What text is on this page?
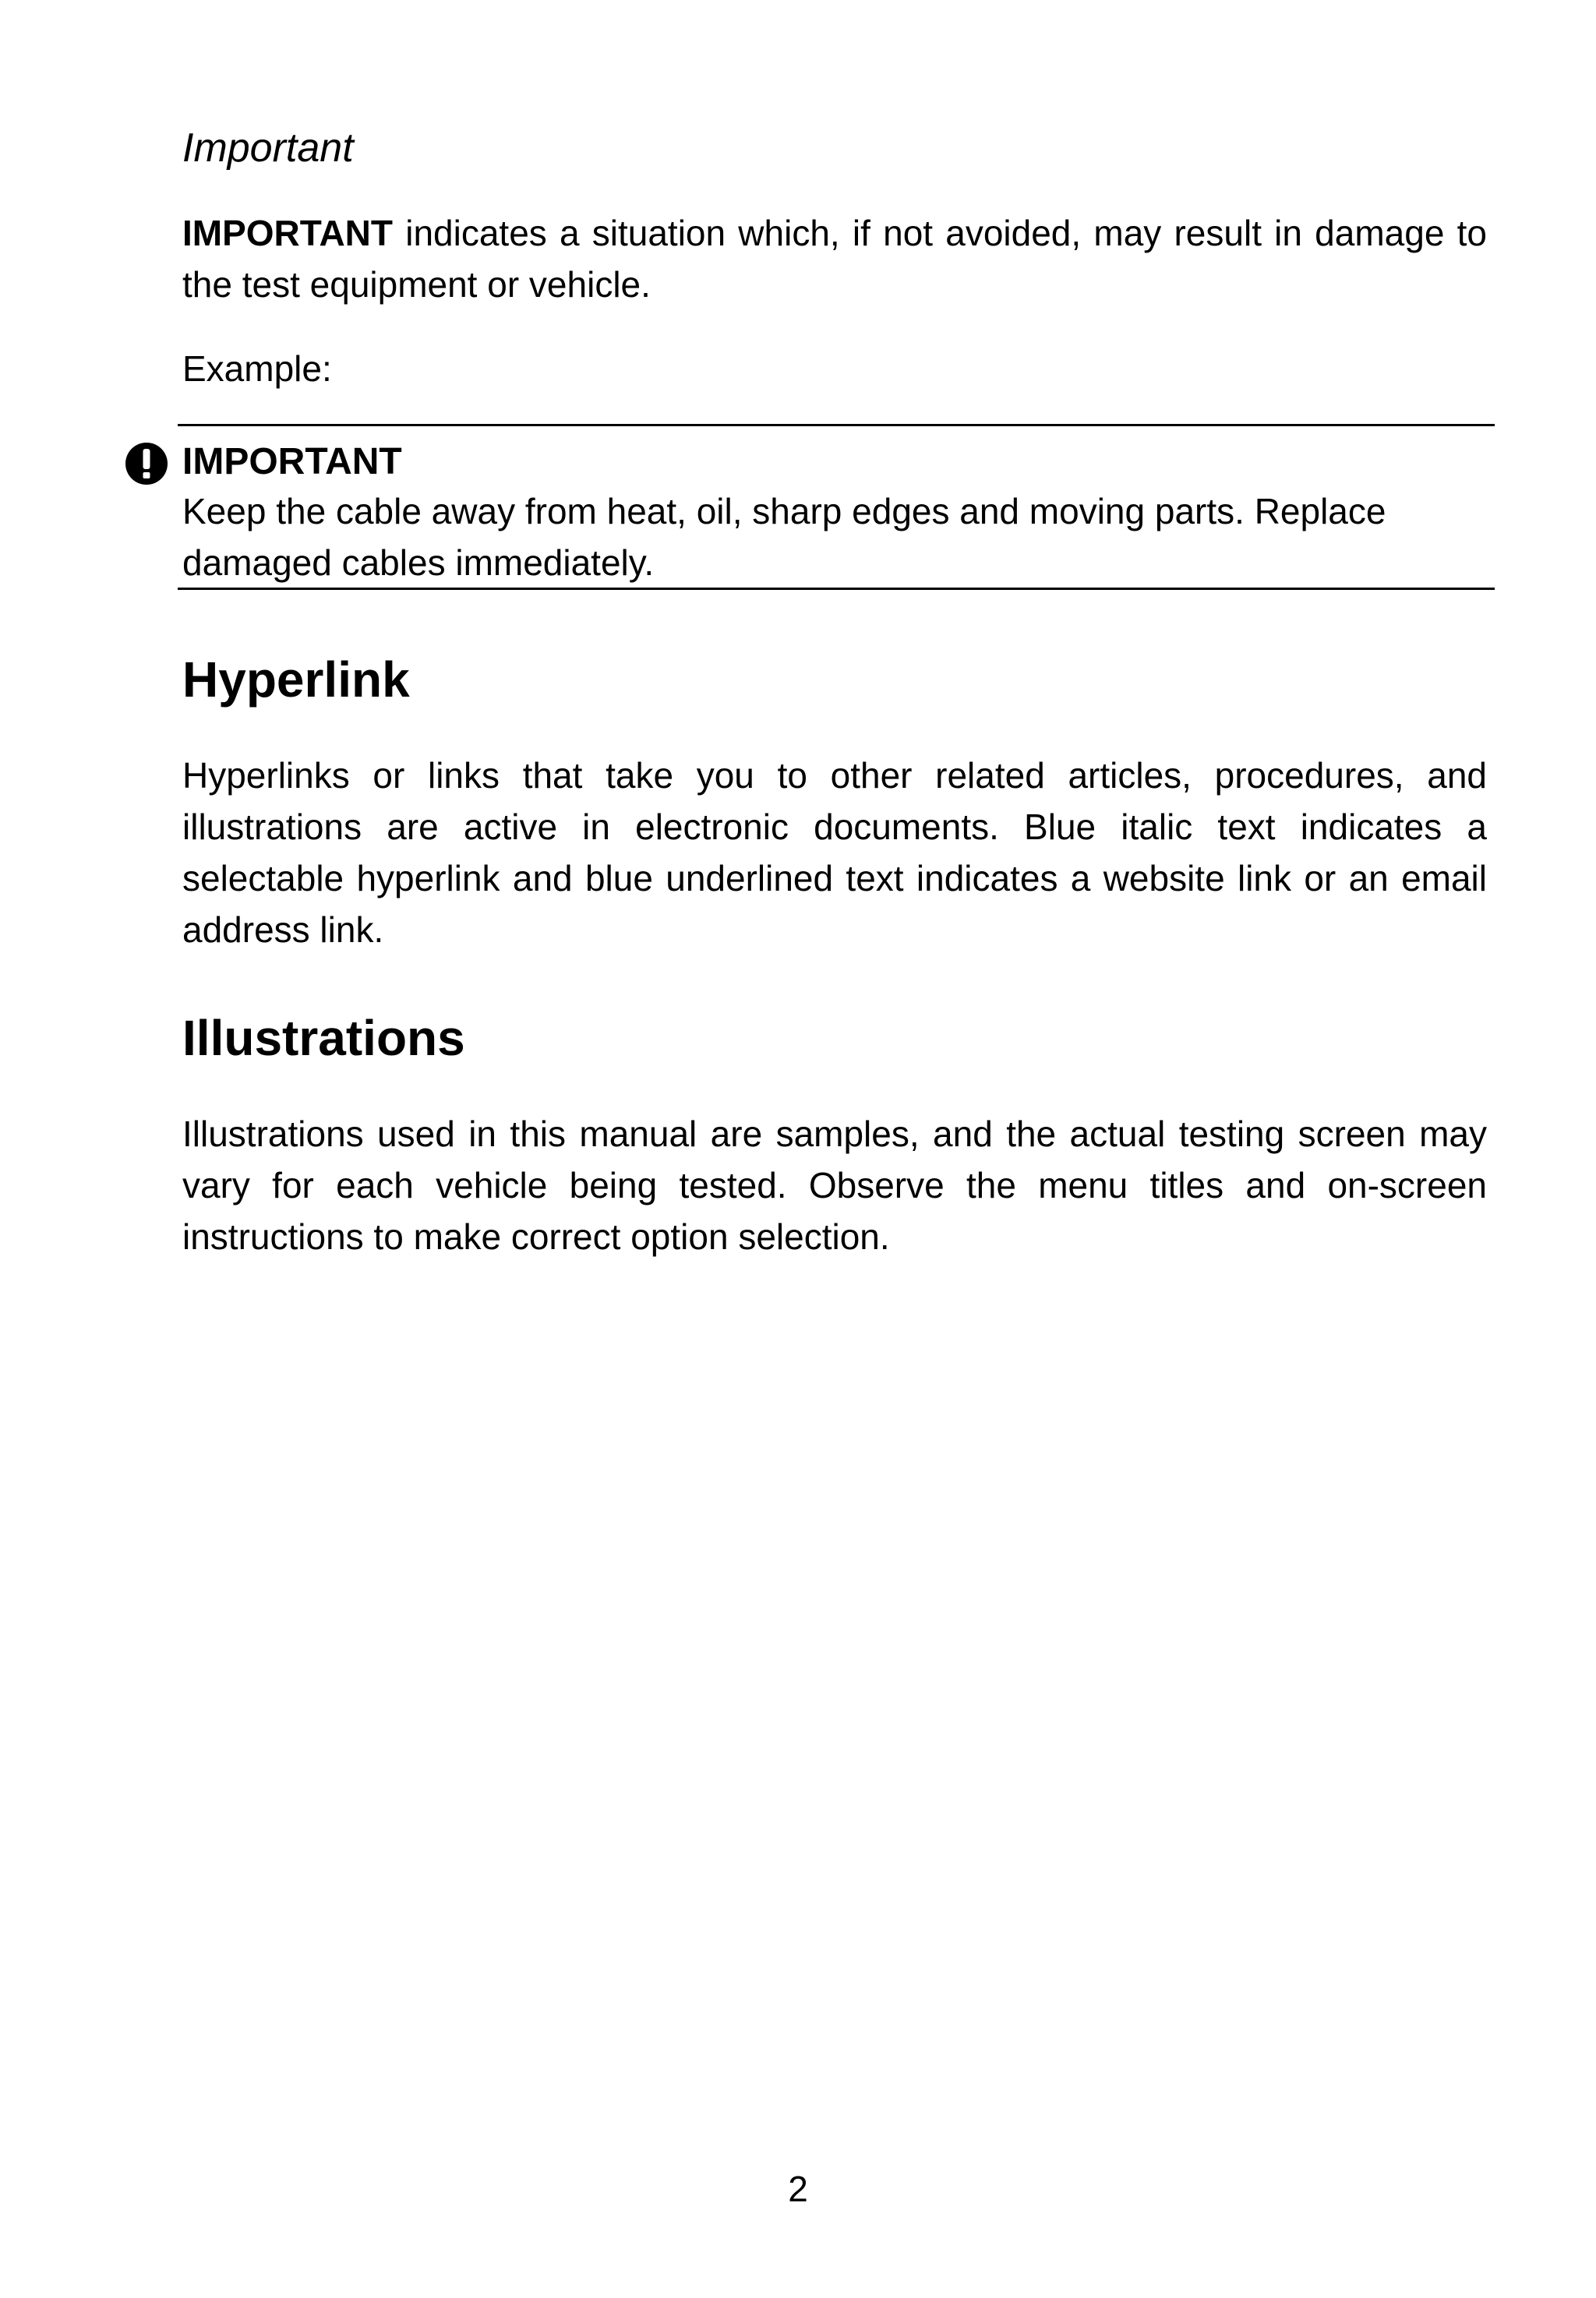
Important

IMPORTANT indicates a situation which, if not avoided, may result in damage to the test equipment or vehicle.

Example:

IMPORTANT

Keep the cable away from heat, oil, sharp edges and moving parts. Replace damaged cables immediately.

Hyperlink

Hyperlinks or links that take you to other related articles, procedures, and illustrations are active in electronic documents. Blue italic text indicates a selectable hyperlink and blue underlined text indicates a website link or an email address link.

Illustrations

Illustrations used in this manual are samples, and the actual testing screen may vary for each vehicle being tested. Observe the menu titles and on-screen instructions to make correct option selection.

2
